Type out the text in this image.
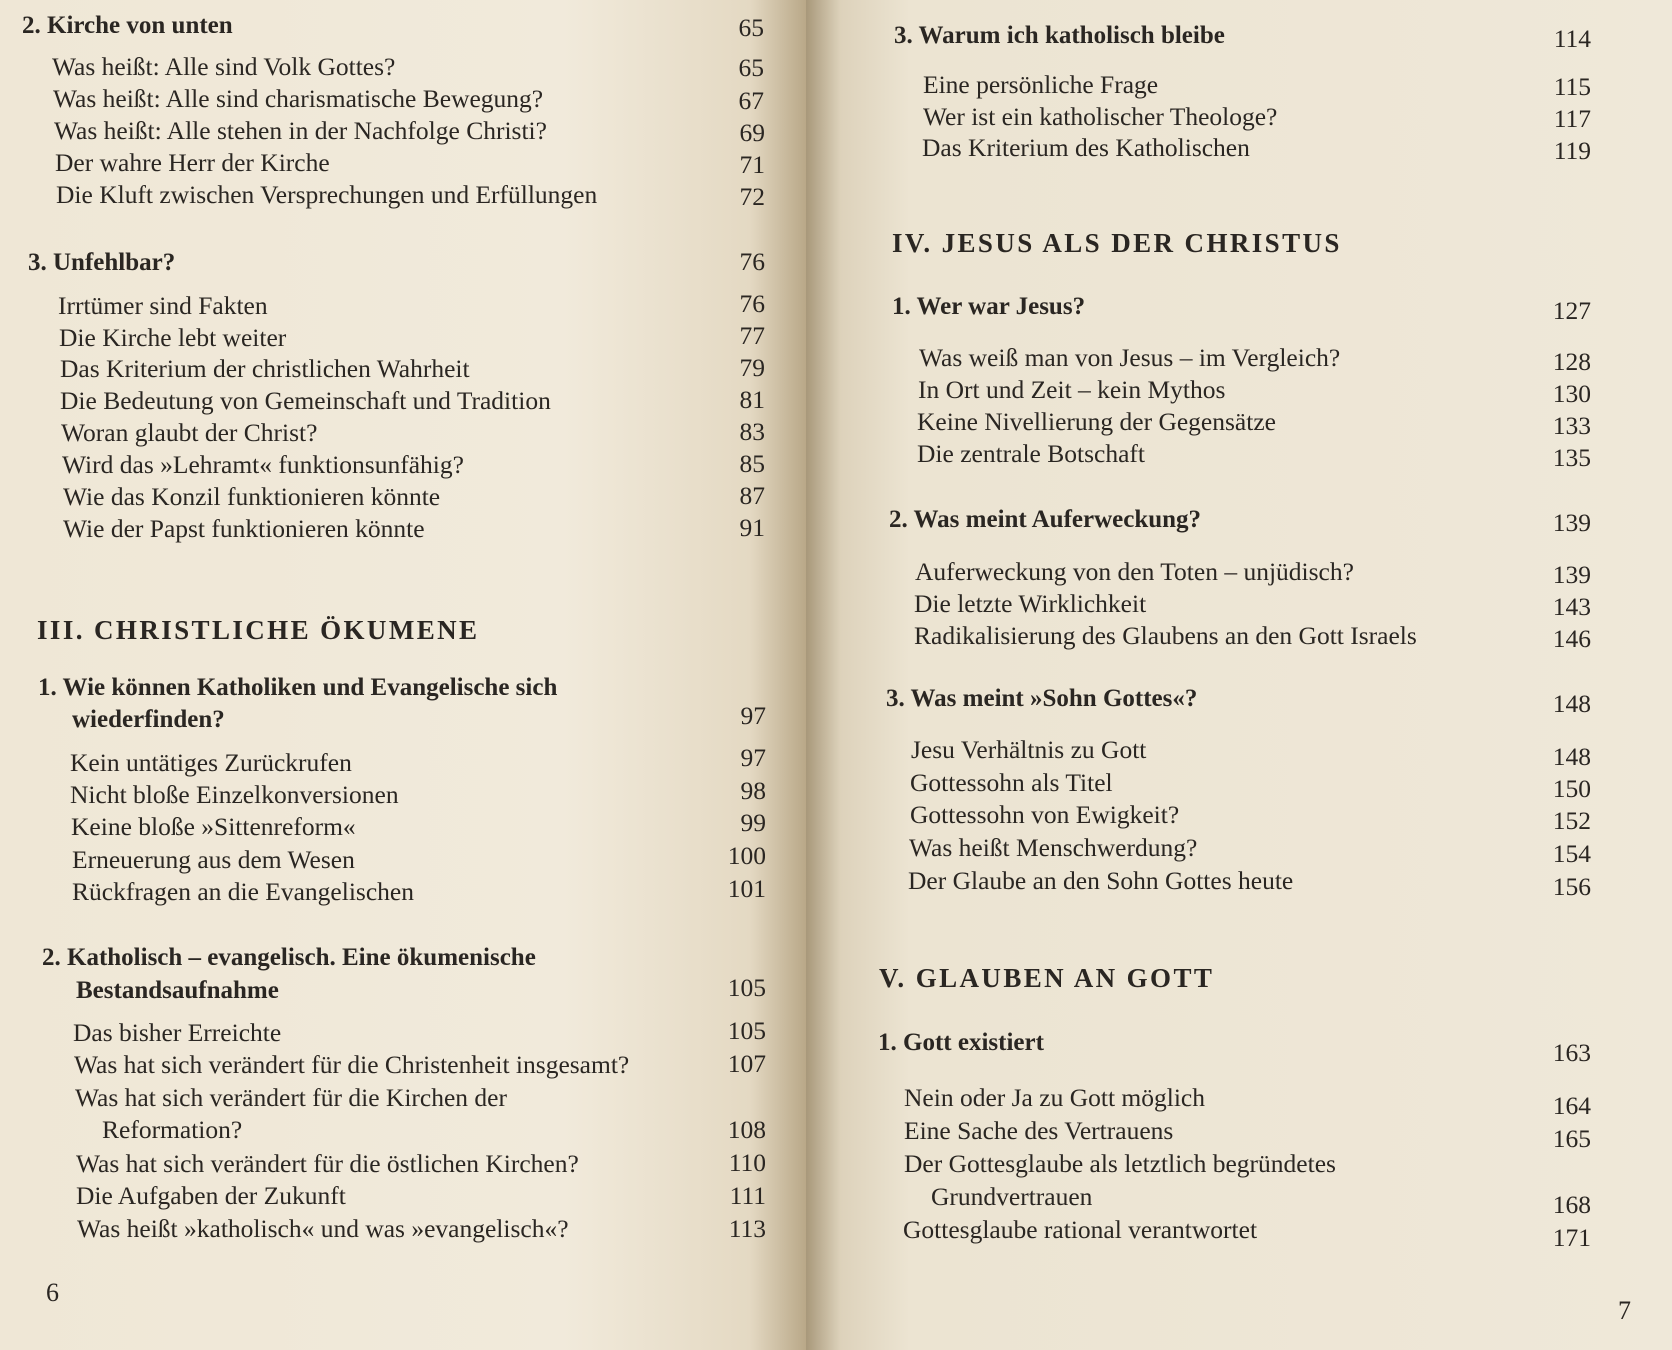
2. Kirche von unten	65
Was heißt: Alle sind Volk Gottes?	65
Was heißt: Alle sind charismatische Bewegung?	67
Was heißt: Alle stehen in der Nachfolge Christi?	69
Der wahre Herr der Kirche	71
Die Kluft zwischen Versprechungen und Erfüllungen	72
3. Unfehlbar?	76
Irrtümer sind Fakten	76
Die Kirche lebt weiter	77
Das Kriterium der christlichen Wahrheit	79
Die Bedeutung von Gemeinschaft und Tradition	81
Woran glaubt der Christ?	83
Wird das »Lehramt« funktionsunfähig?	85
Wie das Konzil funktionieren könnte	87
Wie der Papst funktionieren könnte	91
III. CHRISTLICHE ÖKUMENE
1. Wie können Katholiken und Evangelische sich
wiederfinden?	97
Kein untätiges Zurückrufen	97
Nicht bloße Einzelkonversionen	98
Keine bloße »Sittenreform«	99
Erneuerung aus dem Wesen	100
Rückfragen an die Evangelischen	101
2. Katholisch – evangelisch. Eine ökumenische
Bestandsaufnahme	105
Das bisher Erreichte	105
Was hat sich verändert für die Christenheit insgesamt?	107
Was hat sich verändert für die Kirchen der
Reformation?	108
Was hat sich verändert für die östlichen Kirchen?	110
Die Aufgaben der Zukunft	111
Was heißt »katholisch« und was »evangelisch«?	113
6
3. Warum ich katholisch bleibe	114
Eine persönliche Frage	115
Wer ist ein katholischer Theologe?	117
Das Kriterium des Katholischen	119
IV. JESUS ALS DER CHRISTUS
1. Wer war Jesus?	127
Was weiß man von Jesus – im Vergleich?	128
In Ort und Zeit – kein Mythos	130
Keine Nivellierung der Gegensätze	133
Die zentrale Botschaft	135
2. Was meint Auferweckung?	139
Auferweckung von den Toten – unjüdisch?	139
Die letzte Wirklichkeit	143
Radikalisierung des Glaubens an den Gott Israels	146
3. Was meint »Sohn Gottes«?	148
Jesu Verhältnis zu Gott	148
Gottessohn als Titel	150
Gottessohn von Ewigkeit?	152
Was heißt Menschwerdung?	154
Der Glaube an den Sohn Gottes heute	156
V. GLAUBEN AN GOTT
1. Gott existiert	163
Nein oder Ja zu Gott möglich	164
Eine Sache des Vertrauens	165
Der Gottesglaube als letztlich begründetes
Grundvertrauen	168
Gottesglaube rational verantwortet	171
7
